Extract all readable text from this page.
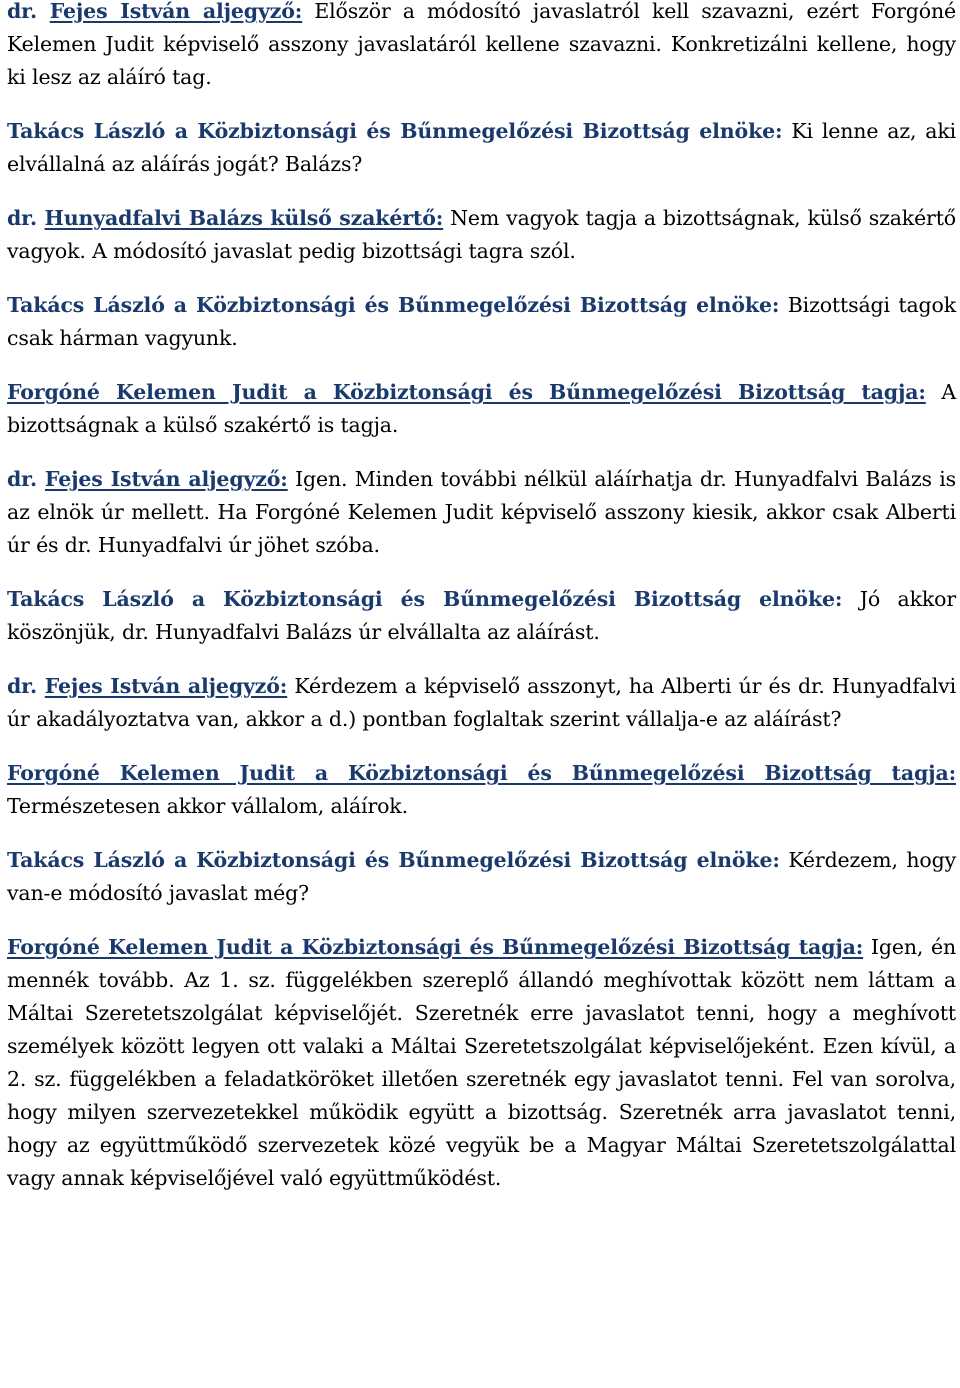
dr. Fejes István aljegyző: Először a módosító javaslatról kell szavazni, ezért Forgóné Kelemen Judit képviselő asszony javaslatáról kellene szavazni. Konkretizálni kellene, hogy ki lesz az aláíró tag.

Takács László a Közbiztonsági és Bűnmegelőzési Bizottság elnöke: Ki lenne az, aki elvállalná az aláírás jogát? Balázs?

dr. Hunyadfalvi Balázs külső szakértő: Nem vagyok tagja a bizottságnak, külső szakértő vagyok. A módosító javaslat pedig bizottsági tagra szól.

Takács László a Közbiztonsági és Bűnmegelőzési Bizottság elnöke: Bizottsági tagok csak hárman vagyunk.

Forgóné Kelemen Judit a Közbiztonsági és Bűnmegelőzési Bizottság tagja: A bizottságnak a külső szakértő is tagja.

dr. Fejes István aljegyző: Igen. Minden további nélkül aláírhatja dr. Hunyadfalvi Balázs is az elnök úr mellett. Ha Forgóné Kelemen Judit képviselő asszony kiesik, akkor csak Alberti úr és dr. Hunyadfalvi úr jöhet szóba.

Takács László a Közbiztonsági és Bűnmegelőzési Bizottság elnöke: Jó akkor köszönjük, dr. Hunyadfalvi Balázs úr elvállalta az aláírást.

dr. Fejes István aljegyző: Kérdezem a képviselő asszonyt, ha Alberti úr és dr. Hunyadfalvi úr akadályoztatva van, akkor a d.) pontban foglaltak szerint vállalja-e az aláírást?

Forgóné Kelemen Judit a Közbiztonsági és Bűnmegelőzési Bizottság tagja: Természetesen akkor vállalom, aláírok.

Takács László a Közbiztonsági és Bűnmegelőzési Bizottság elnöke: Kérdezem, hogy van-e módosító javaslat még?

Forgóné Kelemen Judit a Közbiztonsági és Bűnmegelőzési Bizottság tagja: Igen, én mennék tovább. Az 1. sz. függelékben szereplő állandó meghívottak között nem láttam a Máltai Szeretetszolgálat képviselőjét. Szeretnék erre javaslatot tenni, hogy a meghívott személyek között legyen ott valaki a Máltai Szeretetszolgálat képviselőjeként. Ezen kívül, a 2. sz. függelékben a feladatköröket illetően szeretnék egy javaslatot tenni. Fel van sorolva, hogy milyen szervezetekkel működik együtt a bizottság. Szeretnék arra javaslatot tenni, hogy az együttműködő szervezetek közé vegyük be a Magyar Máltai Szeretetszolgálattal vagy annak képviselőjével való együttműködést.
